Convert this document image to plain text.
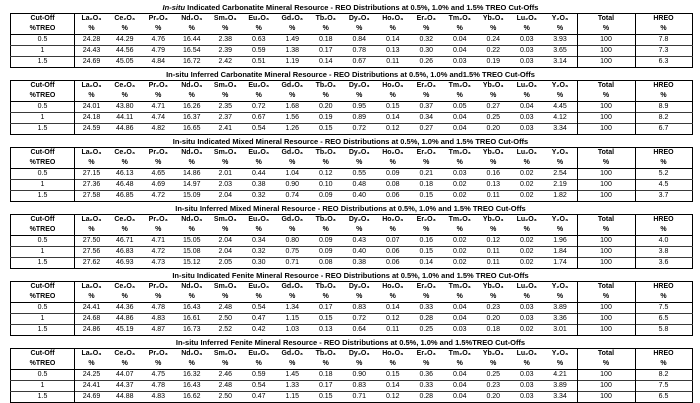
In-situ Indicated Carbonatite Mineral Resource - REO Distributions at 0.5%, 1.0% and 1.5% TREO Cut-Offs
Cut-Off	La₂O₃	Ce₂O₃	Pr₂O₃	Nd₂O₃	Sm₂O₃	Eu₂O₃	Gd₂O₃	Tb₂O₃	Dy₂O₃	Ho₂O₃	Er₂O₃	Tm₂O₃	Yb₂O₃	Lu₂O₃	Y₂O₃	Total	HREO
%TREO	%	%	%	%	%	%	%	%	%	%	%	%	%	%	%	%	%
0.5	24.28	44.29	4.76	16.44	2.38	0.63	1.49	0.18	0.84	0.14	0.32	0.04	0.24	0.03	3.93	100	7.8
1	24.43	44.56	4.79	16.54	2.39	0.59	1.38	0.17	0.78	0.13	0.30	0.04	0.22	0.03	3.65	100	7.3
1.5	24.69	45.05	4.84	16.72	2.42	0.51	1.19	0.14	0.67	0.11	0.26	0.03	0.19	0.03	3.14	100	6.3
In-situ Inferred Carbonatite Mineral Resource - REO Distributions at 0.5%, 1.0% and1.5% TREO Cut-Offs
Cut-Off	La₂O₃	Ce₂O₃	Pr₂O₃	Nd₂O₃	Sm₂O₃	Eu₂O₃	Gd₂O₃	Tb₂O₃	Dy₂O₃	Ho₂O₃	Er₂O₃	Tm₂O₃	Yb₂O₃	Lu₂O₃	Y₂O₃	Total	HREO
%TREO	%	%	%	%	%	%	%	%	%	%	%	%	%	%	%	%	%
0.5	24.01	43.80	4.71	16.26	2.35	0.72	1.68	0.20	0.95	0.15	0.37	0.05	0.27	0.04	4.45	100	8.9
1	24.18	44.11	4.74	16.37	2.37	0.67	1.56	0.19	0.89	0.14	0.34	0.04	0.25	0.03	4.12	100	8.2
1.5	24.59	44.86	4.82	16.65	2.41	0.54	1.26	0.15	0.72	0.12	0.27	0.04	0.20	0.03	3.34	100	6.7
In-situ Indicated Mixed Mineral Resource - REO Distributions at 0.5%, 1.0% and 1.5% TREO Cut-Offs
Cut-Off	La₂O₃	Ce₂O₃	Pr₂O₃	Nd₂O₃	Sm₂O₃	Eu₂O₃	Gd₂O₃	Tb₂O₃	Dy₂O₃	Ho₂O₃	Er₂O₃	Tm₂O₃	Yb₂O₃	Lu₂O₃	Y₂O₃	Total	HREO
%TREO	%	%	%	%	%	%	%	%	%	%	%	%	%	%	%	%	%
0.5	27.15	46.13	4.65	14.86	2.01	0.44	1.04	0.12	0.55	0.09	0.21	0.03	0.16	0.02	2.54	100	5.2
1	27.36	46.48	4.69	14.97	2.03	0.38	0.90	0.10	0.48	0.08	0.18	0.02	0.13	0.02	2.19	100	4.5
1.5	27.58	46.85	4.72	15.09	2.04	0.32	0.74	0.09	0.40	0.06	0.15	0.02	0.11	0.02	1.82	100	3.7
In-situ Inferred Mixed Mineral Resource - REO Distributions at 0.5%, 1.0% and 1.5% TREO Cut-Offs
Cut-Off	La₂O₃	Ce₂O₃	Pr₂O₃	Nd₂O₃	Sm₂O₃	Eu₂O₃	Gd₂O₃	Tb₂O₃	Dy₂O₃	Ho₂O₃	Er₂O₃	Tm₂O₃	Yb₂O₃	Lu₂O₃	Y₂O₃	Total	HREO
%TREO	%	%	%	%	%	%	%	%	%	%	%	%	%	%	%	%	%
0.5	27.50	46.71	4.71	15.05	2.04	0.34	0.80	0.09	0.43	0.07	0.16	0.02	0.12	0.02	1.96	100	4.0
1	27.56	46.83	4.72	15.08	2.04	0.32	0.75	0.09	0.40	0.06	0.15	0.02	0.11	0.02	1.84	100	3.8
1.5	27.62	46.93	4.73	15.12	2.05	0.30	0.71	0.08	0.38	0.06	0.14	0.02	0.11	0.02	1.74	100	3.6
In-situ Indicated Fenite Mineral Resource - REO Distributions at 0.5%, 1.0% and 1.5% TREO Cut-Offs
Cut-Off	La₂O₃	Ce₂O₃	Pr₂O₃	Nd₂O₃	Sm₂O₃	Eu₂O₃	Gd₂O₃	Tb₂O₃	Dy₂O₃	Ho₂O₃	Er₂O₃	Tm₂O₃	Yb₂O₃	Lu₂O₃	Y₂O₃	Total	HREO
%TREO	%	%	%	%	%	%	%	%	%	%	%	%	%	%	%	%	%
0.5	24.41	44.36	4.78	16.43	2.48	0.54	1.34	0.17	0.83	0.14	0.33	0.04	0.23	0.03	3.89	100	7.5
1	24.68	44.86	4.83	16.61	2.50	0.47	1.15	0.15	0.72	0.12	0.28	0.04	0.20	0.03	3.36	100	6.5
1.5	24.86	45.19	4.87	16.73	2.52	0.42	1.03	0.13	0.64	0.11	0.25	0.03	0.18	0.02	3.01	100	5.8
In-situ Inferred Fenite Mineral Resource - REO Distributions at 0.5%, 1.0% and 1.5%TREO Cut-Offs
Cut-Off	La₂O₃	Ce₂O₃	Pr₂O₃	Nd₂O₃	Sm₂O₃	Eu₂O₃	Gd₂O₃	Tb₂O₃	Dy₂O₃	Ho₂O₃	Er₂O₃	Tm₂O₃	Yb₂O₃	Lu₂O₃	Y₂O₃	Total	HREO
%TREO	%	%	%	%	%	%	%	%	%	%	%	%	%	%	%	%	%
0.5	24.25	44.07	4.75	16.32	2.46	0.59	1.45	0.18	0.90	0.15	0.36	0.04	0.25	0.03	4.21	100	8.2
1	24.41	44.37	4.78	16.43	2.48	0.54	1.33	0.17	0.83	0.14	0.33	0.04	0.23	0.03	3.89	100	7.5
1.5	24.69	44.88	4.83	16.62	2.50	0.47	1.15	0.15	0.71	0.12	0.28	0.04	0.20	0.03	3.34	100	6.5
